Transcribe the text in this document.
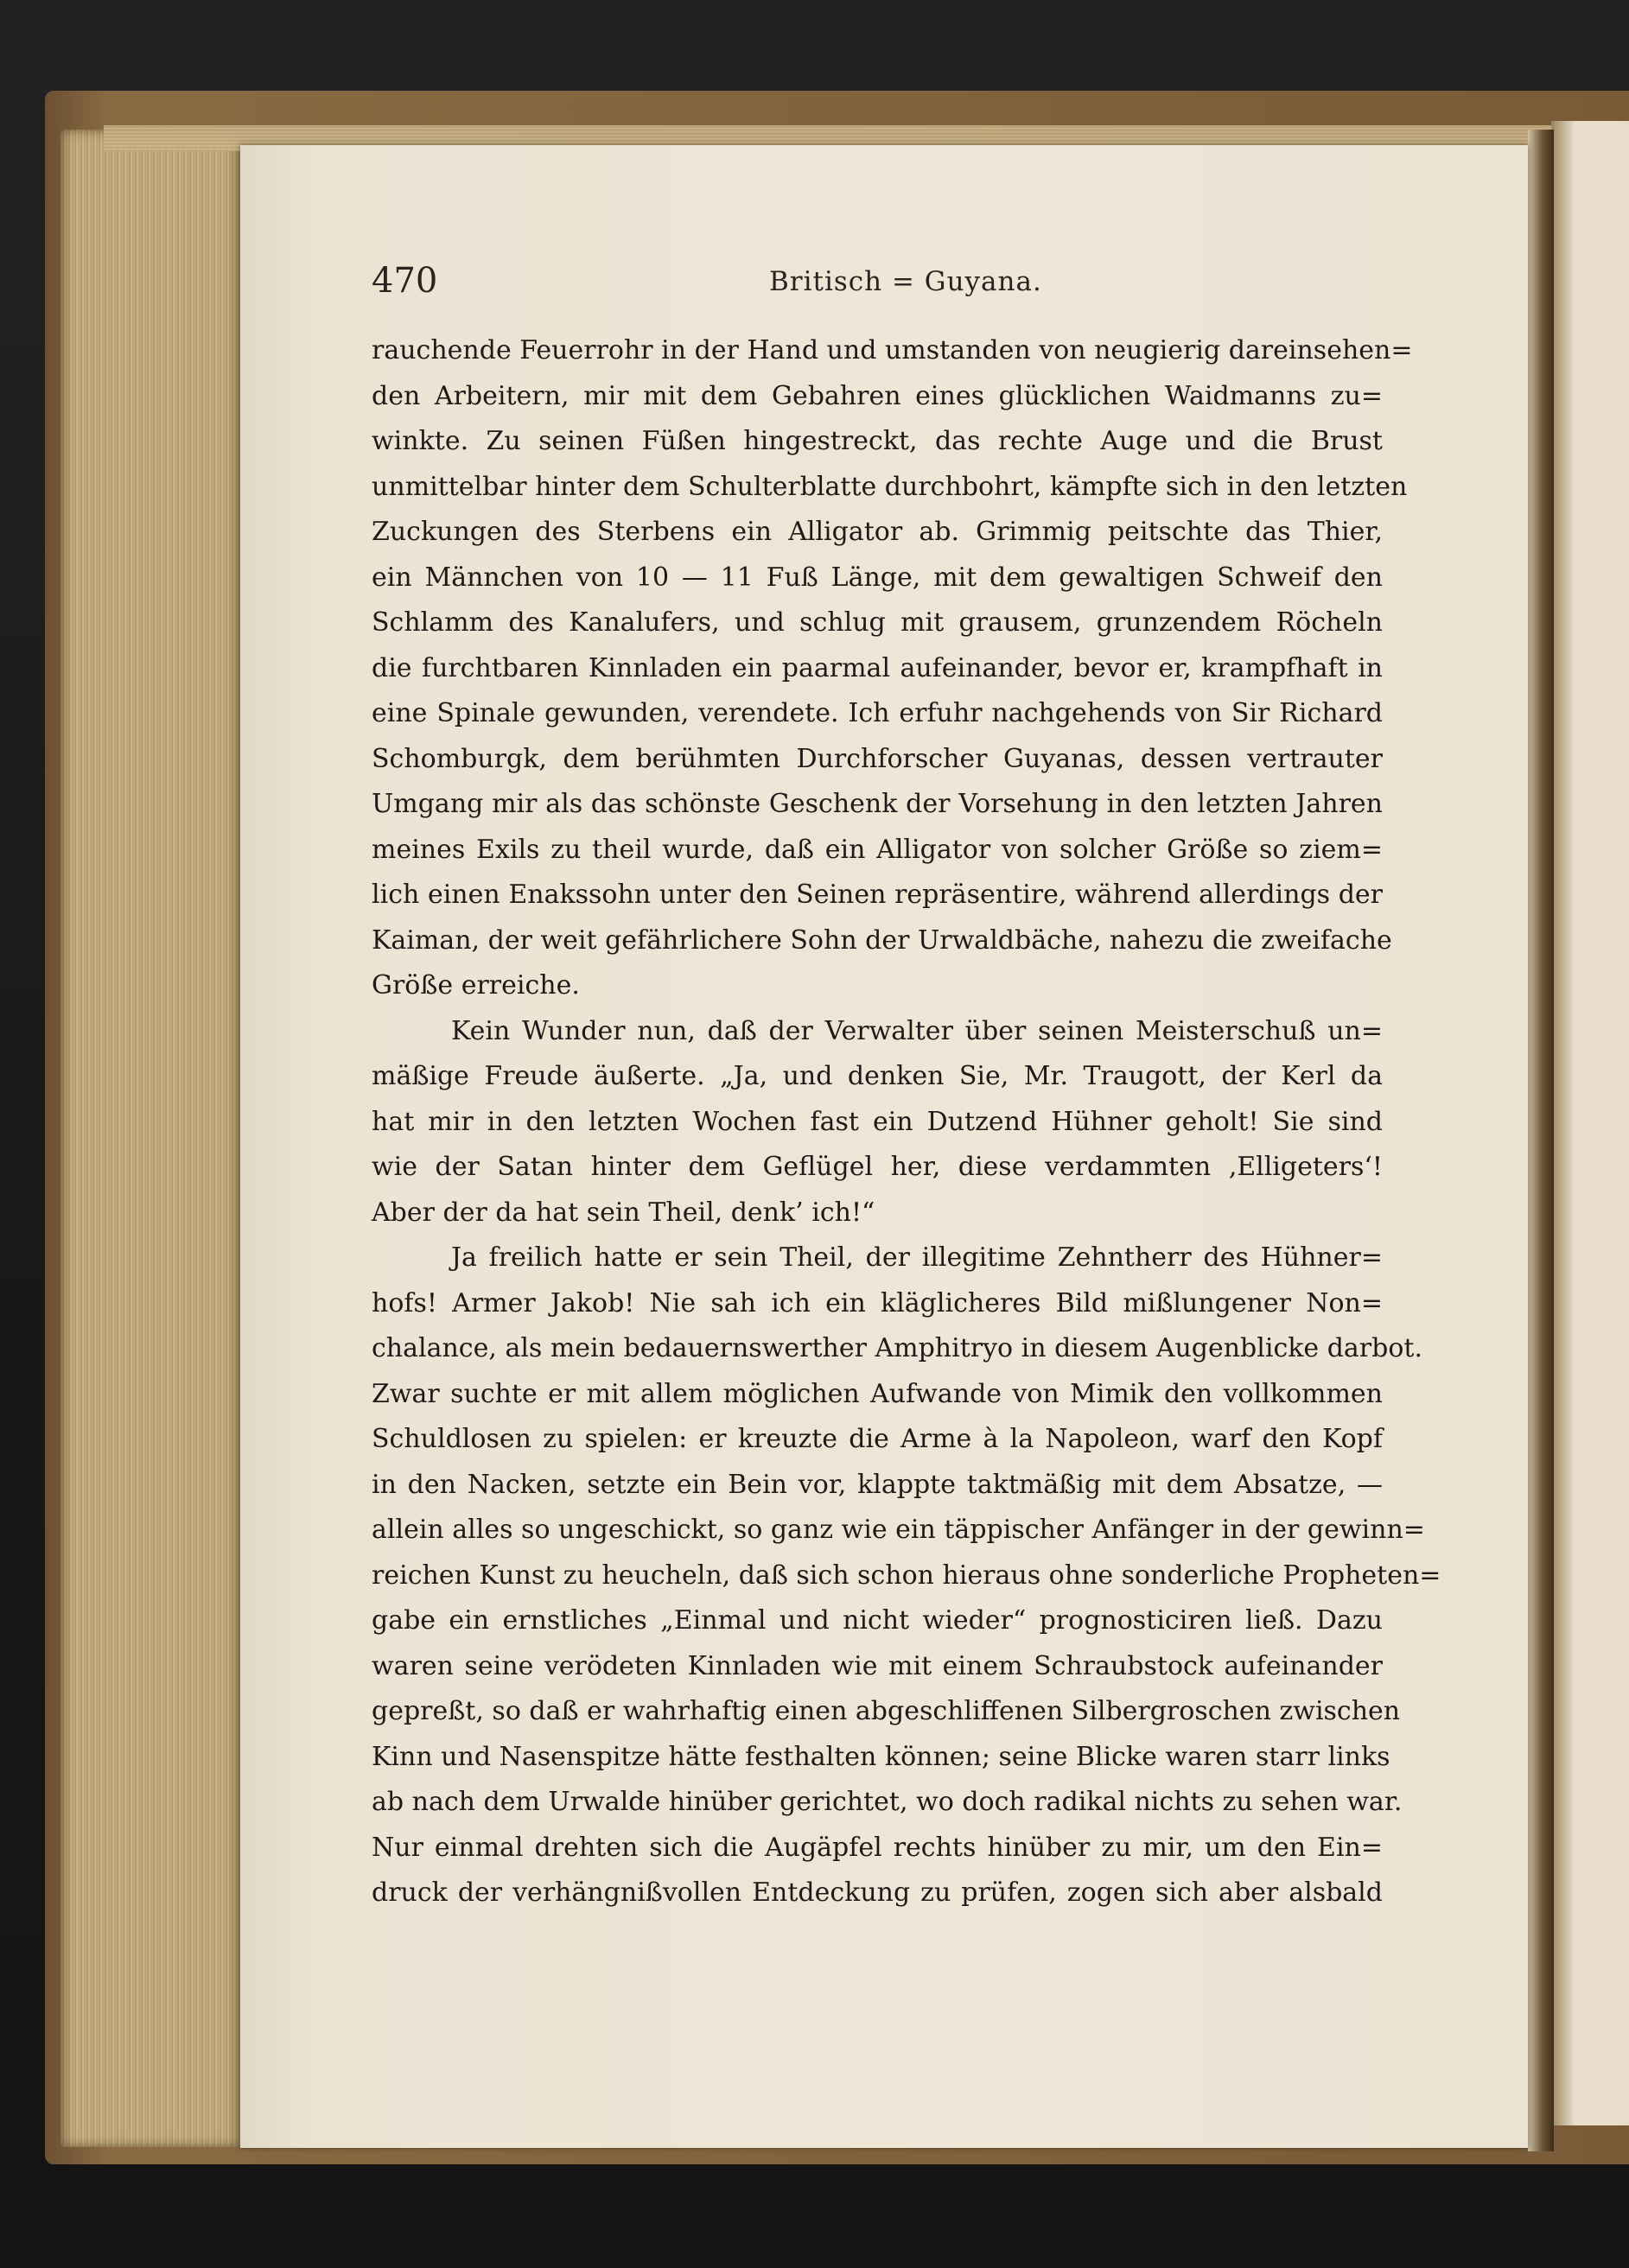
470	Britisch = Guyana.
rauchende Feuerrohr in der Hand und umstanden von neugierig dareinsehen=
den Arbeitern, mir mit dem Gebahren eines glücklichen Waidmanns zu=
winkte. Zu seinen Füßen hingestreckt, das rechte Auge und die Brust
unmittelbar hinter dem Schulterblatte durchbohrt, kämpfte sich in den letzten
Zuckungen des Sterbens ein Alligator ab. Grimmig peitschte das Thier,
ein Männchen von 10 — 11 Fuß Länge, mit dem gewaltigen Schweif den
Schlamm des Kanalufers, und schlug mit grausem, grunzendem Röcheln
die furchtbaren Kinnladen ein paarmal aufeinander, bevor er, krampfhaft in
eine Spinale gewunden, verendete. Ich erfuhr nachgehends von Sir Richard
Schomburgk, dem berühmten Durchforscher Guyanas, dessen vertrauter
Umgang mir als das schönste Geschenk der Vorsehung in den letzten Jahren
meines Exils zu theil wurde, daß ein Alligator von solcher Größe so ziem=
lich einen Enakssohn unter den Seinen repräsentire, während allerdings der
Kaiman, der weit gefährlichere Sohn der Urwaldbäche, nahezu die zweifache
Größe erreiche.
Kein Wunder nun, daß der Verwalter über seinen Meisterschuß un=
mäßige Freude äußerte. „Ja, und denken Sie, Mr. Traugott, der Kerl da
hat mir in den letzten Wochen fast ein Dutzend Hühner geholt! Sie sind
wie der Satan hinter dem Geflügel her, diese verdammten ‚Elligeters‘!
Aber der da hat sein Theil, denk’ ich!“
Ja freilich hatte er sein Theil, der illegitime Zehntherr des Hühner=
hofs! Armer Jakob! Nie sah ich ein kläglicheres Bild mißlungener Non=
chalance, als mein bedauernswerther Amphitryo in diesem Augenblicke darbot.
Zwar suchte er mit allem möglichen Aufwande von Mimik den vollkommen
Schuldlosen zu spielen: er kreuzte die Arme à la Napoleon, warf den Kopf
in den Nacken, setzte ein Bein vor, klappte taktmäßig mit dem Absatze, —
allein alles so ungeschickt, so ganz wie ein täppischer Anfänger in der gewinn=
reichen Kunst zu heucheln, daß sich schon hieraus ohne sonderliche Propheten=
gabe ein ernstliches „Einmal und nicht wieder“ prognosticiren ließ. Dazu
waren seine verödeten Kinnladen wie mit einem Schraubstock aufeinander
gepreßt, so daß er wahrhaftig einen abgeschliffenen Silbergroschen zwischen
Kinn und Nasenspitze hätte festhalten können; seine Blicke waren starr links
ab nach dem Urwalde hinüber gerichtet, wo doch radikal nichts zu sehen war.
Nur einmal drehten sich die Augäpfel rechts hinüber zu mir, um den Ein=
druck der verhängnißvollen Entdeckung zu prüfen, zogen sich aber alsbald
